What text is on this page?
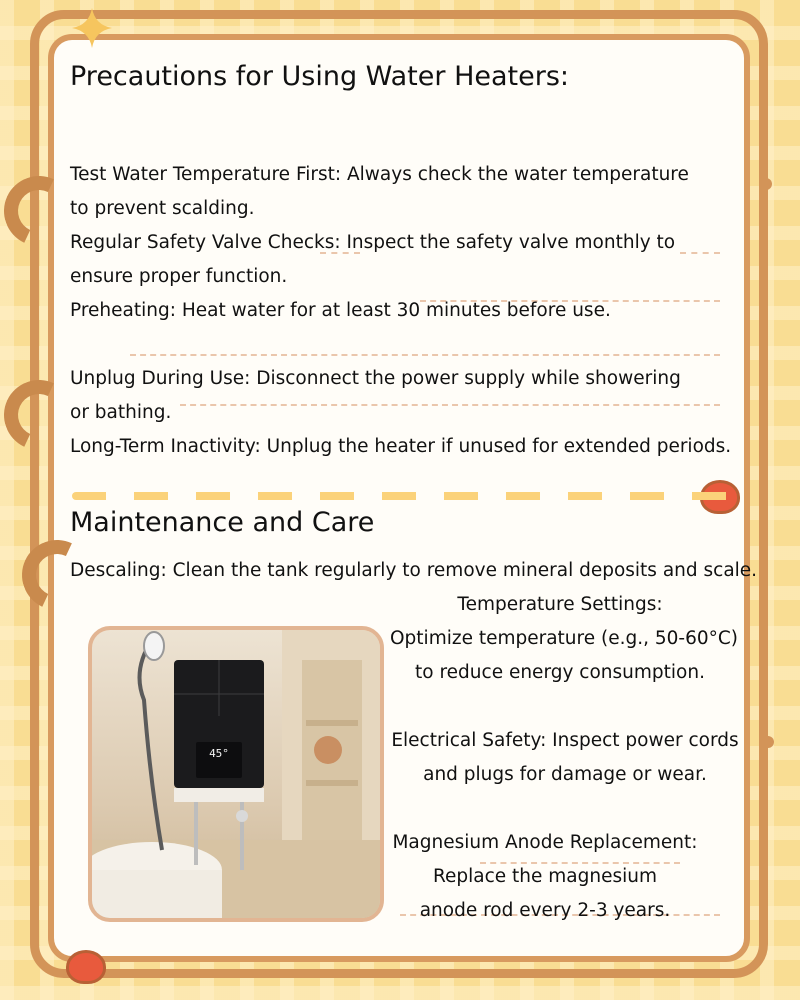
Precautions for Using Water Heaters:
Test Water Temperature First: Always check the water temperature
to prevent scalding.
Regular Safety Valve Checks: Inspect the safety valve monthly to
ensure proper function.
Preheating: Heat water for at least 30 minutes before use.
Unplug During Use: Disconnect the power supply while showering
or bathing.
Long-Term Inactivity: Unplug the heater if unused for extended periods.
Maintenance and Care
Descaling: Clean the tank regularly to remove mineral deposits and scale.
Temperature Settings:
Optimize temperature (e.g., 50-60°C)
to reduce energy consumption.
Electrical Safety: Inspect power cords
and plugs for damage or wear.
Magnesium Anode Replacement:
Replace the magnesium
anode rod every 2-3 years.
45°
